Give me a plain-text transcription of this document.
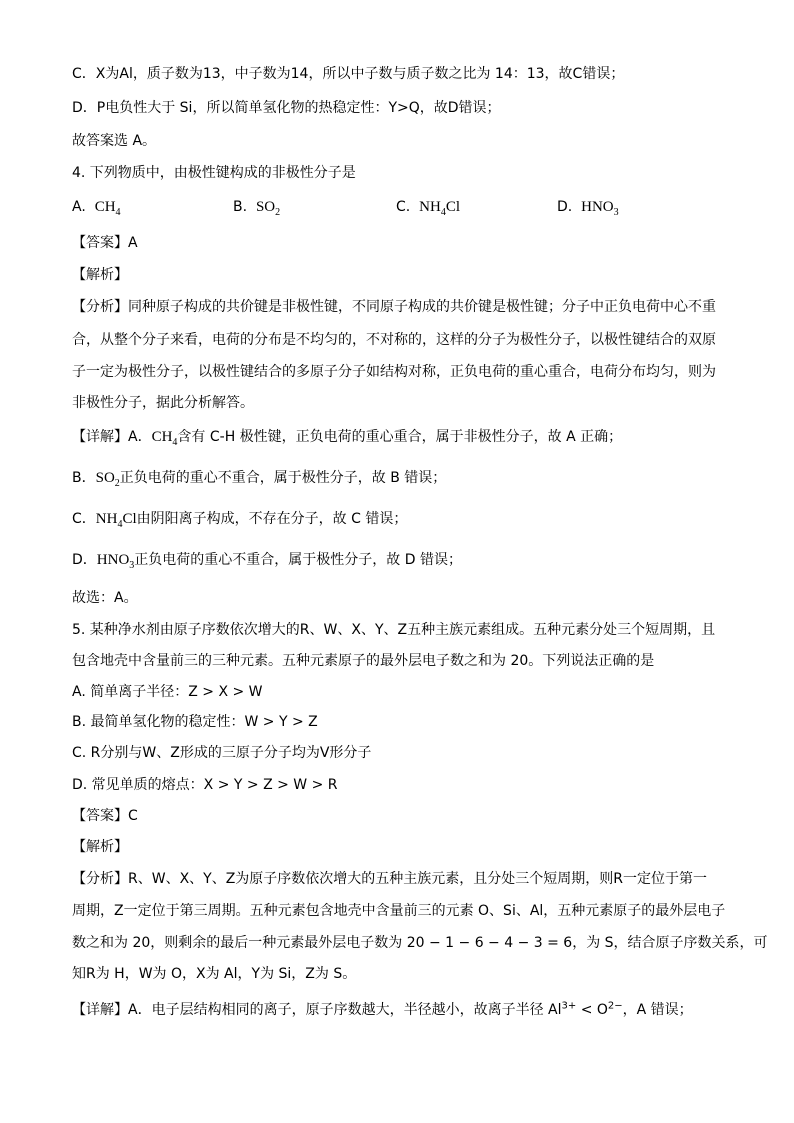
C．X为Al，质子数为13，中子数为14，所以中子数与质子数之比为 14：13，故C错误；
D．P电负性大于 Si，所以简单氢化物的热稳定性：Y>Q，故D错误；
故答案选 A。
4. 下列物质中，由极性键构成的非极性分子是
A. $CH_4$	B. $SO_2$	C. $NH_4Cl$	D. $HNO_3$
【答案】A
【解析】
【分析】同种原子构成的共价键是非极性键，不同原子构成的共价键是极性键；分子中正负电荷中心不重
合，从整个分子来看，电荷的分布是不均匀的，不对称的，这样的分子为极性分子，以极性键结合的双原
子一定为极性分子，以极性键结合的多原子分子如结构对称，正负电荷的重心重合，电荷分布均匀，则为
非极性分子，据此分析解答。
【详解】A．$CH_4$含有 C-H 极性键，正负电荷的重心重合，属于非极性分子，故 A 正确；
B．$SO_2$正负电荷的重心不重合，属于极性分子，故 B 错误；
C．$NH_4Cl$由阴阳离子构成，不存在分子，故 C 错误；
D．$HNO_3$正负电荷的重心不重合，属于极性分子，故 D 错误；
故选：A。
5. 某种净水剂由原子序数依次增大的R、W、X、Y、Z五种主族元素组成。五种元素分处三个短周期，且
包含地壳中含量前三的三种元素。五种元素原子的最外层电子数之和为 20。下列说法正确的是
A. 简单离子半径：Z > X > W
B. 最简单氢化物的稳定性：W > Y > Z
C. R分别与W、Z形成的三原子分子均为V形分子
D. 常见单质的熔点：X > Y > Z > W > R
【答案】C
【解析】
【分析】R、W、X、Y、Z为原子序数依次增大的五种主族元素，且分处三个短周期，则R一定位于第一
周期，Z一定位于第三周期。五种元素包含地壳中含量前三的元素 O、Si、Al，五种元素原子的最外层电子
数之和为 20，则剩余的最后一种元素最外层电子数为 20 − 1 − 6 − 4 − 3 = 6，为 S，结合原子序数关系，可
知R为 H，W为 O，X为 Al，Y为 Si，Z为 S。
【详解】A．电子层结构相同的离子，原子序数越大，半径越小，故离子半径 $Al^{3+} < O^{2-}$，A 错误；
